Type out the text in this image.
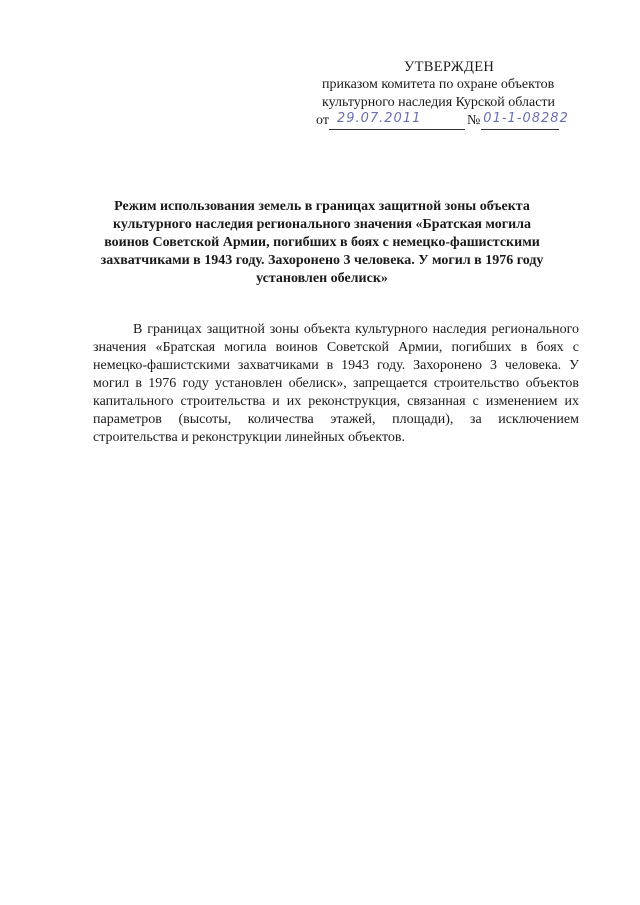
УТВЕРЖДЕН
приказом комитета по охране объектов
культурного наследия Курской области
от 29.07.2011	№ 01-1-08282
Режим использования земель в границах защитной зоны объекта культурного наследия регионального значения «Братская могила воинов Советской Армии, погибших в боях с немецко-фашистскими захватчиками в 1943 году. Захоронено 3 человека. У могил в 1976 году установлен обелиск»
В границах защитной зоны объекта культурного наследия регионального значения «Братская могила воинов Советской Армии, погибших в боях с немецко-фашистскими захватчиками в 1943 году. Захоронено 3 человека. У могил в 1976 году установлен обелиск», запрещается строительство объектов капитального строительства и их реконструкция, связанная с изменением их параметров (высоты, количества этажей, площади), за исключением строительства и реконструкции линейных объектов.
